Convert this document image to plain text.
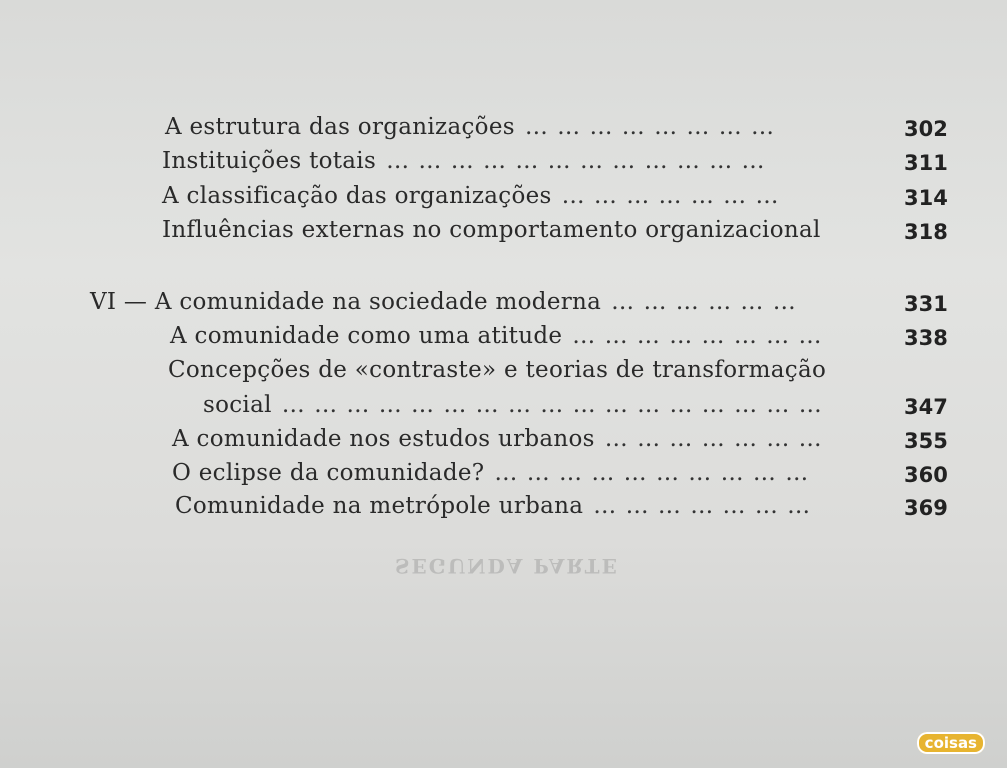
SEGUNDA PARTE
A estrutura das organizações … … … … … … … …	302
Instituições totais … … … … … … … … … … … …	311
A classificação das organizações … … … … … … …	314
Influências externas no comportamento organizacional	318
VI — A comunidade na sociedade moderna … … … … … …	331
A comunidade como uma atitude … … … … … … … …	338
Concepções de «contraste» e teorias de transformação
social … … … … … … … … … … … … … … … … …	347
A comunidade nos estudos urbanos … … … … … … …	355
O eclipse da comunidade? … … … … … … … … … …	360
Comunidade na metrópole urbana … … … … … … …	369
coisas
